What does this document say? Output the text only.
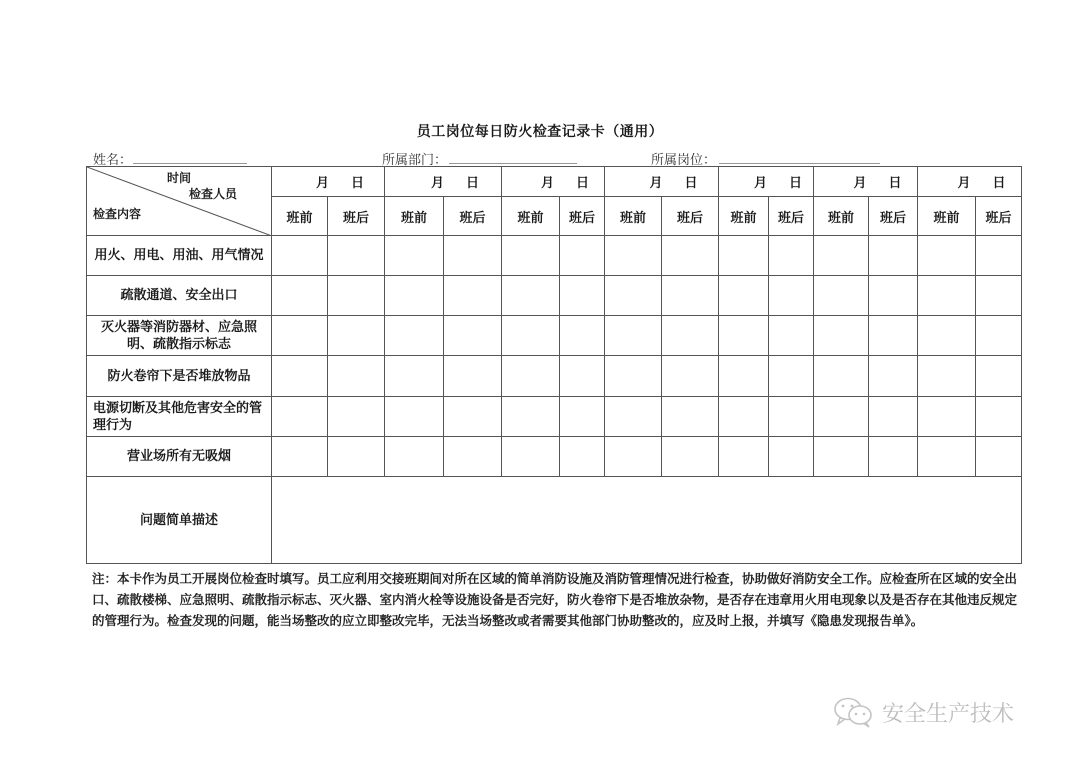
员工岗位每日防火检查记录卡（通用）
姓名：	所属部门：	所属岗位：
时间
检查人员
检查内容	月 日		月 日		月 日		月 日		月 日		月 日		月 日	
	班前	班后	班前	班后	班前	班后	班前	班后	班前	班后	班前	班后	班前	班后
用火、用电、用油、用气情况														
疏散通道、安全出口														
灭火器等消防器材、应急照明、疏散指示标志														
防火卷帘下是否堆放物品														
电源切断及其他危害安全的管理行为														
营业场所有无吸烟														
问题简单描述														
注：本卡作为员工开展岗位检查时填写。员工应利用交接班期间对所在区域的简单消防设施及消防管理情况进行检查，协助做好消防安全工作。应检查所在区域的安全出口、疏散楼梯、应急照明、疏散指示标志、灭火器、室内消火栓等设施设备是否完好，防火卷帘下是否堆放杂物，是否存在违章用火用电现象以及是否存在其他违反规定的管理行为。检查发现的问题，能当场整改的应立即整改完毕，无法当场整改或者需要其他部门协助整改的，应及时上报，并填写《隐患发现报告单》。
安全生产技术
